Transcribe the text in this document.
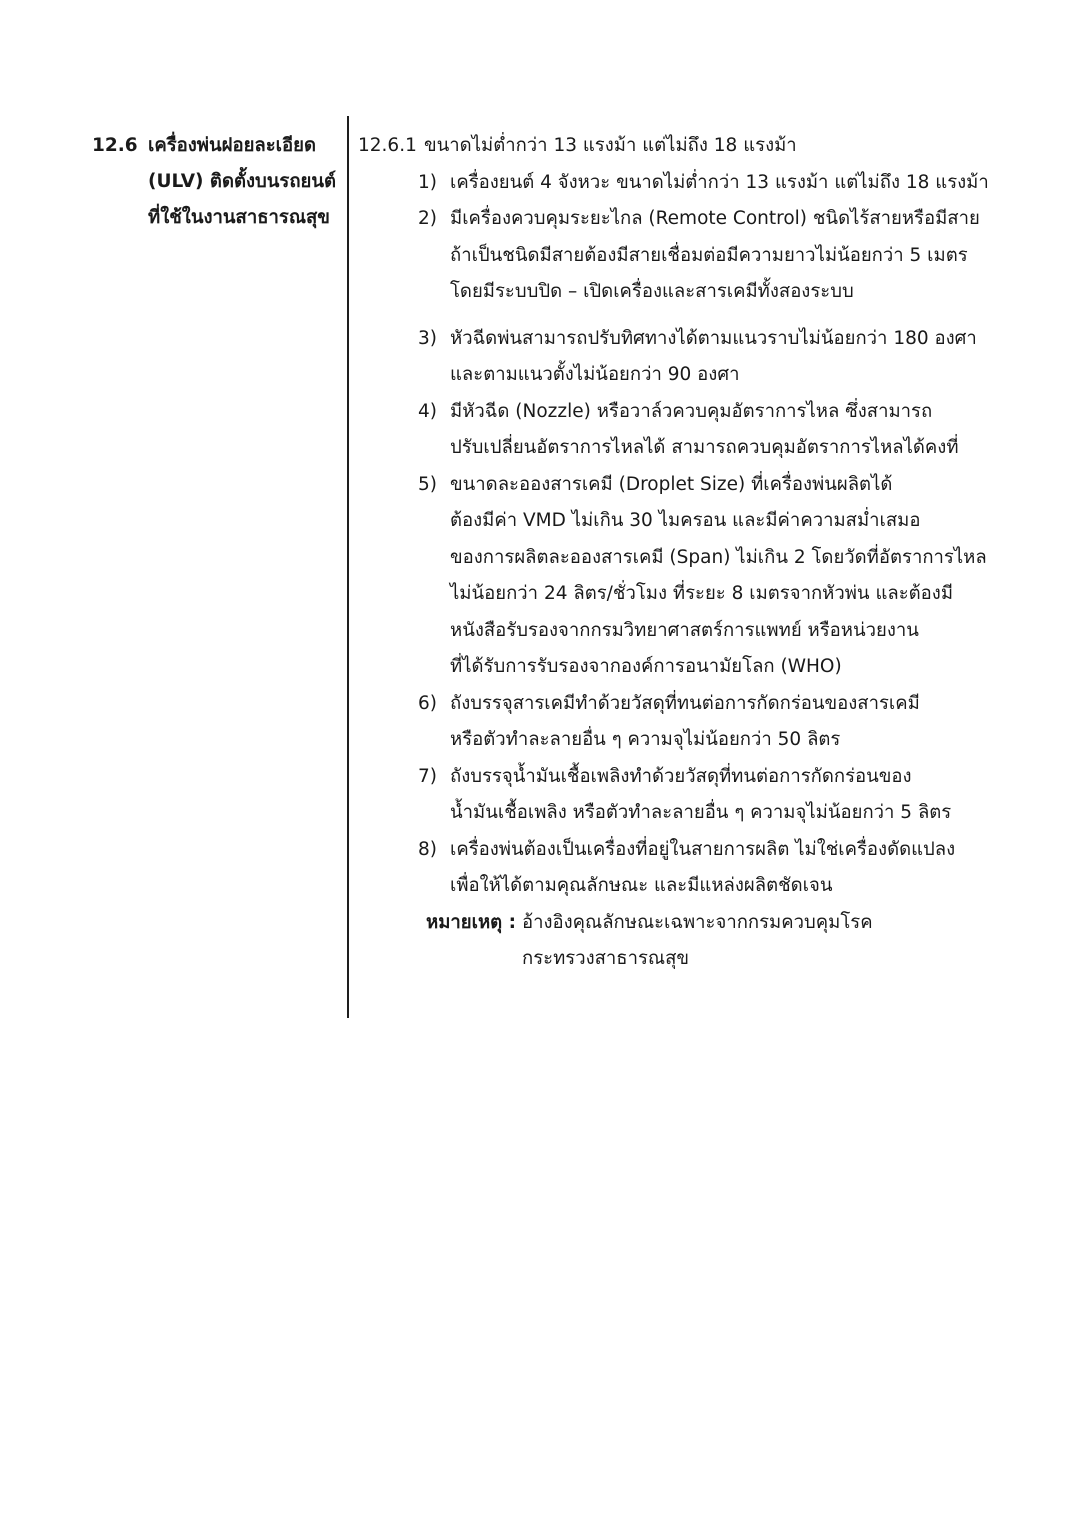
12.6 เครื่องพ่นฝอยละเอียด
(ULV) ติดตั้งบนรถยนต์
ที่ใช้ในงานสาธารณสุข
12.6.1 ขนาดไม่ต่ำกว่า 13 แรงม้า แต่ไม่ถึง 18 แรงม้า
1) เครื่องยนต์ 4 จังหวะ ขนาดไม่ต่ำกว่า 13 แรงม้า แต่ไม่ถึง 18 แรงม้า
2) มีเครื่องควบคุมระยะไกล (Remote Control) ชนิดไร้สายหรือมีสาย
ถ้าเป็นชนิดมีสายต้องมีสายเชื่อมต่อมีความยาวไม่น้อยกว่า 5 เมตร
โดยมีระบบปิด – เปิดเครื่องและสารเคมีทั้งสองระบบ
3) หัวฉีดพ่นสามารถปรับทิศทางได้ตามแนวราบไม่น้อยกว่า 180 องศา
และตามแนวตั้งไม่น้อยกว่า 90 องศา
4) มีหัวฉีด (Nozzle) หรือวาล์วควบคุมอัตราการไหล ซึ่งสามารถ
ปรับเปลี่ยนอัตราการไหลได้ สามารถควบคุมอัตราการไหลได้คงที่
5) ขนาดละอองสารเคมี (Droplet Size) ที่เครื่องพ่นผลิตได้
ต้องมีค่า VMD ไม่เกิน 30 ไมครอน และมีค่าความสม่ำเสมอ
ของการผลิตละอองสารเคมี (Span) ไม่เกิน 2 โดยวัดที่อัตราการไหล
ไม่น้อยกว่า 24 ลิตร/ชั่วโมง ที่ระยะ 8 เมตรจากหัวพ่น และต้องมี
หนังสือรับรองจากกรมวิทยาศาสตร์การแพทย์ หรือหน่วยงาน
ที่ได้รับการรับรองจากองค์การอนามัยโลก (WHO)
6) ถังบรรจุสารเคมีทำด้วยวัสดุที่ทนต่อการกัดกร่อนของสารเคมี
หรือตัวทำละลายอื่น ๆ ความจุไม่น้อยกว่า 50 ลิตร
7) ถังบรรจุน้ำมันเชื้อเพลิงทำด้วยวัสดุที่ทนต่อการกัดกร่อนของ
น้ำมันเชื้อเพลิง หรือตัวทำละลายอื่น ๆ ความจุไม่น้อยกว่า 5 ลิตร
8) เครื่องพ่นต้องเป็นเครื่องที่อยู่ในสายการผลิต ไม่ใช่เครื่องดัดแปลง
เพื่อให้ได้ตามคุณลักษณะ และมีแหล่งผลิตชัดเจน
หมายเหตุ : อ้างอิงคุณลักษณะเฉพาะจากกรมควบคุมโรค
กระทรวงสาธารณสุข
